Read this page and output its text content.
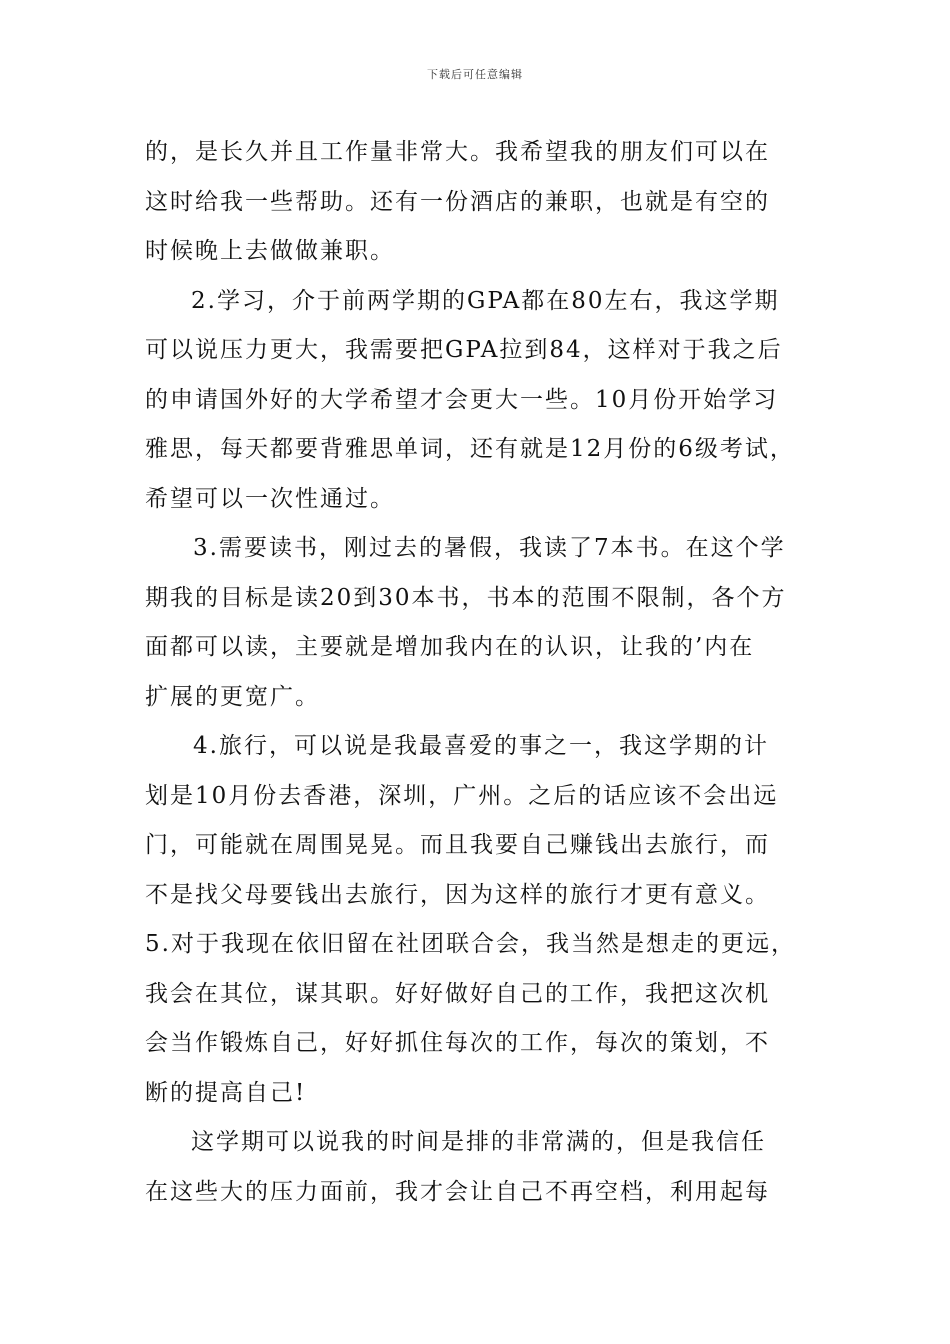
下载后可任意编辑
的，是长久并且工作量非常大。我希望我的朋友们可以在
这时给我一些帮助。还有一份酒店的兼职，也就是有空的
时候晚上去做做兼职。
2.学习，介于前两学期的GPA都在80左右，我这学期
可以说压力更大，我需要把GPA拉到84，这样对于我之后
的申请国外好的大学希望才会更大一些。10月份开始学习
雅思，每天都要背雅思单词，还有就是12月份的6级考试，
希望可以一次性通过。
3.需要读书，刚过去的暑假，我读了7本书。在这个学
期我的目标是读20到30本书，书本的范围不限制，各个方
面都可以读，主要就是增加我内在的认识，让我的’内在
扩展的更宽广。
4.旅行，可以说是我最喜爱的事之一，我这学期的计
划是10月份去香港，深圳，广州。之后的话应该不会出远
门，可能就在周围晃晃。而且我要自己赚钱出去旅行，而
不是找父母要钱出去旅行，因为这样的旅行才更有意义。
5.对于我现在依旧留在社团联合会，我当然是想走的更远，
我会在其位，谋其职。好好做好自己的工作，我把这次机
会当作锻炼自己，好好抓住每次的工作，每次的策划，不
断的提高自己!
这学期可以说我的时间是排的非常满的，但是我信任
在这些大的压力面前，我才会让自己不再空档，利用起每
